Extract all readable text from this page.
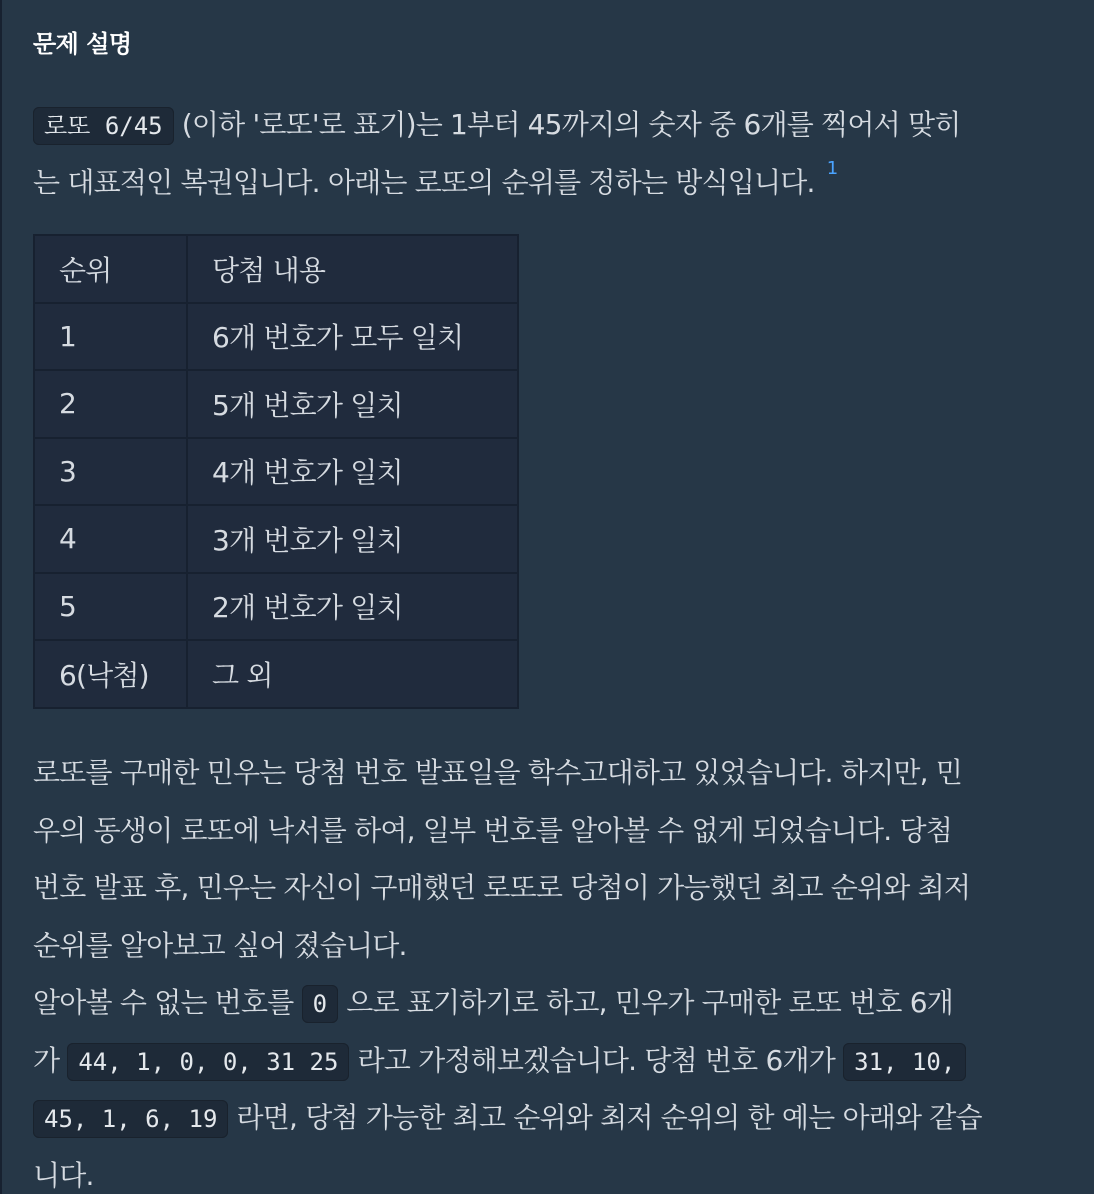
문제 설명

로또 6/45 (이하 '로또'로 표기)는 1부터 45까지의 숫자 중 6개를 찍어서 맞히
는 대표적인 복권입니다. 아래는 로또의 순위를 정하는 방식입니다. $^1$

순위	당첨 내용
1	6개 번호가 모두 일치
2	5개 번호가 일치
3	4개 번호가 일치
4	3개 번호가 일치
5	2개 번호가 일치
6(낙첨)	그 외

로또를 구매한 민우는 당첨 번호 발표일을 학수고대하고 있었습니다. 하지만, 민
우의 동생이 로또에 낙서를 하여, 일부 번호를 알아볼 수 없게 되었습니다. 당첨
번호 발표 후, 민우는 자신이 구매했던 로또로 당첨이 가능했던 최고 순위와 최저
순위를 알아보고 싶어 졌습니다.
알아볼 수 없는 번호를 0 으로 표기하기로 하고, 민우가 구매한 로또 번호 6개
가 44, 1, 0, 0, 31 25 라고 가정해보겠습니다. 당첨 번호 6개가 31, 10,
45, 1, 6, 19 라면, 당첨 가능한 최고 순위와 최저 순위의 한 예는 아래와 같습
니다.
